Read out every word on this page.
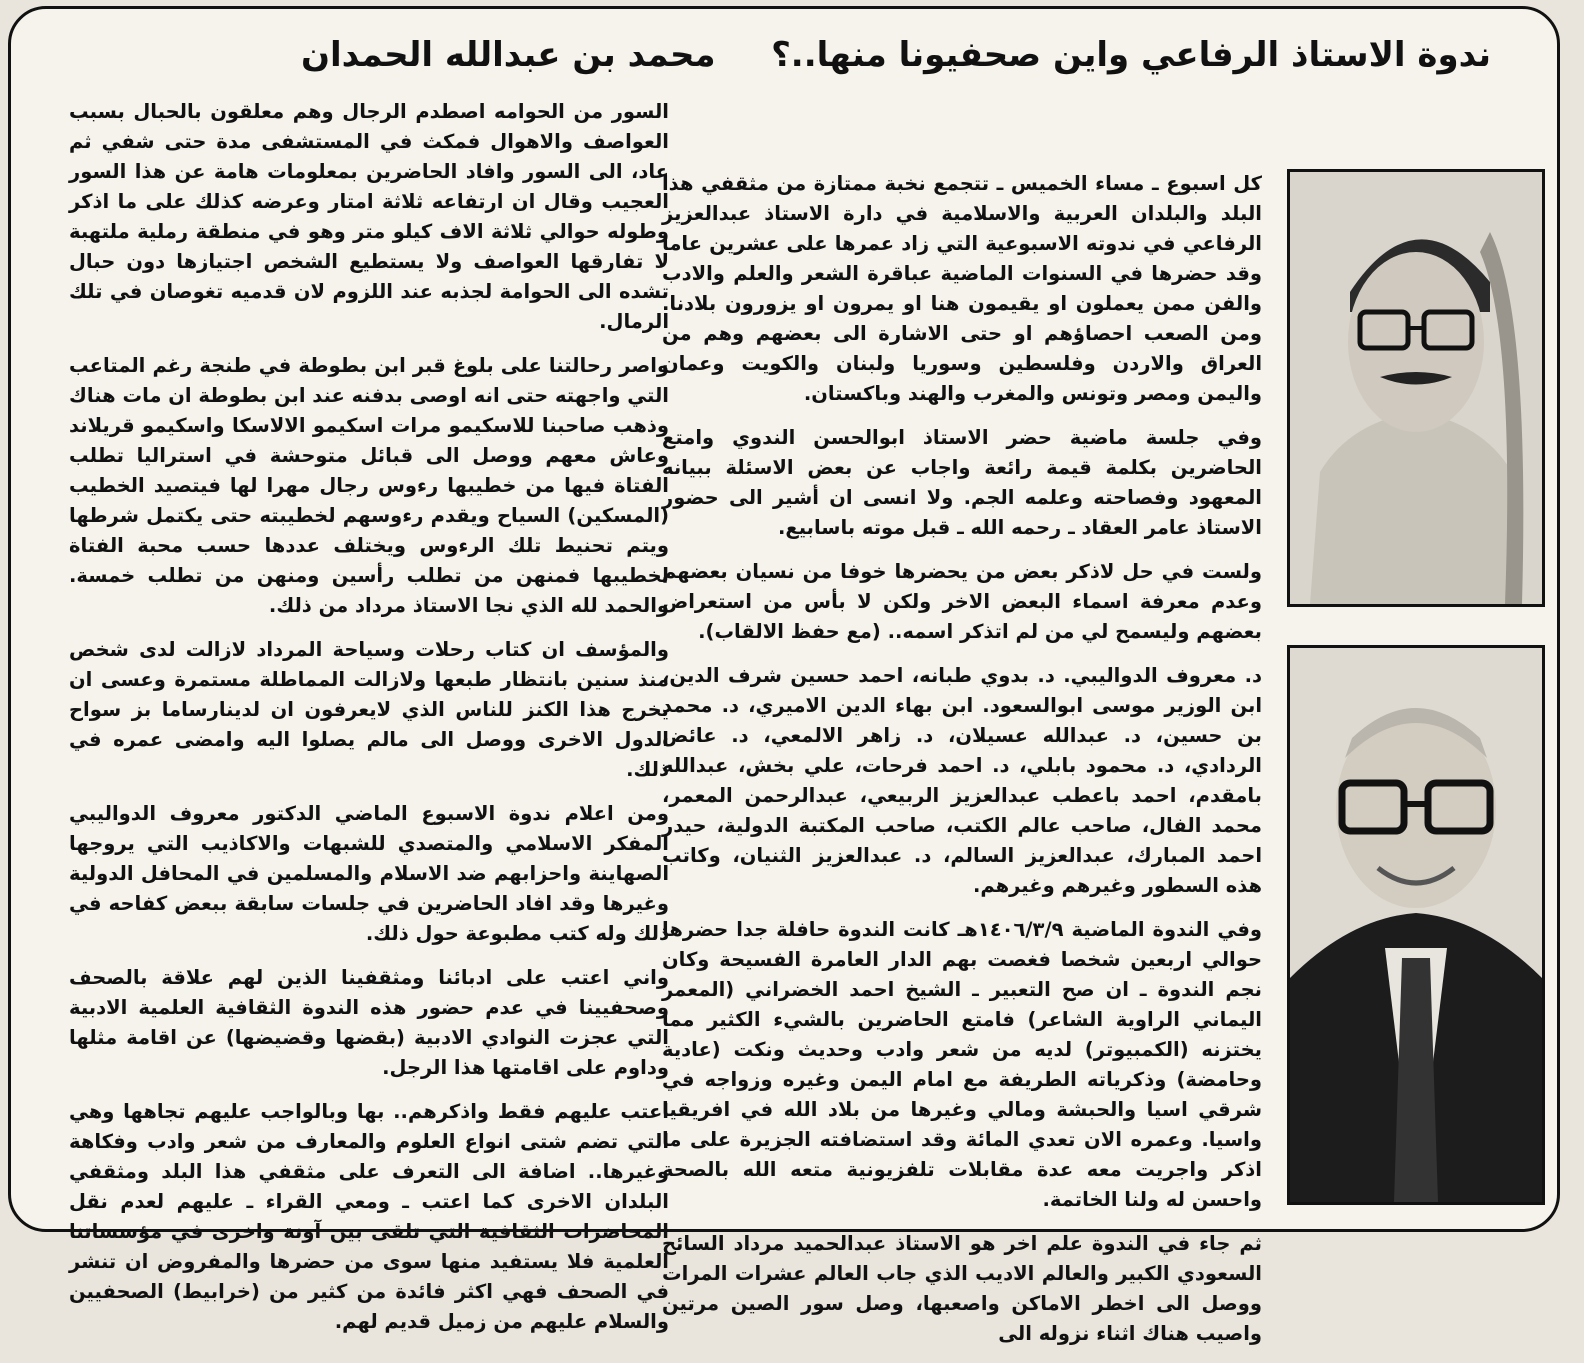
ندوة الاستاذ الرفاعي واين صحفيونا منها..؟
محمد بن عبدالله الحمدان

كل اسبوع ـ مساء الخميس ـ تتجمع نخبة ممتازة من مثقفي هذا البلد والبلدان العربية والاسلامية في دارة الاستاذ عبدالعزيز الرفاعي في ندوته الاسبوعية التي زاد عمرها على عشرين عاما وقد حضرها في السنوات الماضية عباقرة الشعر والعلم والادب والفن ممن يعملون او يقيمون هنا او يمرون او يزورون بلادنا. ومن الصعب احصاؤهم او حتى الاشارة الى بعضهم وهم من العراق والاردن وفلسطين وسوريا ولبنان والكويت وعمان واليمن ومصر وتونس والمغرب والهند وباكستان.

وفي جلسة ماضية حضر الاستاذ ابوالحسن الندوي وامتع الحاضرين بكلمة قيمة رائعة واجاب عن بعض الاسئلة ببيانه المعهود وفصاحته وعلمه الجم. ولا انسى ان أشير الى حضور الاستاذ عامر العقاد ـ رحمه الله ـ قبل موته باسابيع.

ولست في حل لاذكر بعض من يحضرها خوفا من نسيان بعضهم وعدم معرفة اسماء البعض الاخر ولكن لا بأس من استعراض بعضهم وليسمح لي من لم اتذكر اسمه.. (مع حفظ الالقاب).

د. معروف الدواليبي. د. بدوي طبانه، احمد حسين شرف الدين، ابن الوزير موسى ابوالسعود. ابن بهاء الدين الاميري، د. محمد بن حسين، د. عبدالله عسيلان، د. زاهر الالمعي، د. عائض الردادي، د. محمود بابلي، د. احمد فرحات، علي بخش، عبدالله بامقدم، احمد باعطب عبدالعزيز الربيعي، عبدالرحمن المعمر، محمد الفال، صاحب عالم الكتب، صاحب المكتبة الدولية، حيدر احمد المبارك، عبدالعزيز السالم، د. عبدالعزيز الثنيان، وكاتب هذه السطور وغيرهم وغيرهم.

وفي الندوة الماضية ١٤٠٦/٣/٩هـ كانت الندوة حافلة جدا حضرها حوالي اربعين شخصا فغصت بهم الدار العامرة الفسيحة وكان نجم الندوة ـ ان صح التعبير ـ الشيخ احمد الخضراني (المعمر اليماني الراوية الشاعر) فامتع الحاضرين بالشيء الكثير مما يختزنه (الكمبيوتر) لديه من شعر وادب وحديث ونكت (عادية وحامضة) وذكرياته الطريفة مع امام اليمن وغيره وزواجه في شرقي اسيا والحبشة ومالي وغيرها من بلاد الله في افريقيا واسيا. وعمره الان تعدي المائة وقد استضافته الجزيرة على ما اذكر واجريت معه عدة مقابلات تلفزيونية متعه الله بالصحة واحسن له ولنا الخاتمة.

ثم جاء في الندوة علم اخر هو الاستاذ عبدالحميد مرداد السائح السعودي الكبير والعالم الاديب الذي جاب العالم عشرات المرات ووصل الى اخطر الاماكن واصعبها، وصل سور الصين مرتين واصيب هناك اثناء نزوله الى

السور من الحوامه اصطدم الرجال وهم معلقون بالحبال بسبب العواصف والاهوال فمكث في المستشفى مدة حتى شفي ثم عاد، الى السور وافاد الحاضرين بمعلومات هامة عن هذا السور العجيب وقال ان ارتفاعه ثلاثة امتار وعرضه كذلك على ما اذكر وطوله حوالي ثلاثة الاف كيلو متر وهو في منطقة رملية ملتهبة لا تفارقها العواصف ولا يستطيع الشخص اجتيازها دون حبال تشده الى الحوامة لجذبه عند اللزوم لان قدميه تغوصان في تلك الرمال.

واصر رحالتنا على بلوغ قبر ابن بطوطة في طنجة رغم المتاعب التي واجهته حتى انه اوصى بدفنه عند ابن بطوطة ان مات هناك وذهب صاحبنا للاسكيمو مرات اسكيمو الالاسكا واسكيمو قريلاند وعاش معهم ووصل الى قبائل متوحشة في استراليا تطلب الفتاة فيها من خطيبها رءوس رجال مهرا لها فيتصيد الخطيب (المسكين) السياح ويقدم رءوسهم لخطيبته حتى يكتمل شرطها ويتم تحنيط تلك الرءوس ويختلف عددها حسب محبة الفتاة لخطيبها فمنهن من تطلب رأسين ومنهن من تطلب خمسة. والحمد لله الذي نجا الاستاذ مرداد من ذلك.

والمؤسف ان كتاب رحلات وسياحة المرداد لازالت لدى شخص منذ سنين بانتظار طبعها ولازالت المماطلة مستمرة وعسى ان يخرج هذا الكنز للناس الذي لايعرفون ان لدينارساما بز سواح الدول الاخرى ووصل الى مالم يصلوا اليه وامضى عمره في ذلك.

ومن اعلام ندوة الاسبوع الماضي الدكتور معروف الدواليبي المفكر الاسلامي والمتصدي للشبهات والاكاذيب التي يروجها الصهاينة واحزابهم ضد الاسلام والمسلمين في المحافل الدولية وغيرها وقد افاد الحاضرين في جلسات سابقة ببعض كفاحه في ذلك وله كتب مطبوعة حول ذلك.

واني اعتب على ادبائنا ومثقفينا الذين لهم علاقة بالصحف وصحفيينا في عدم حضور هذه الندوة الثقافية العلمية الادبية التي عجزت النوادي الادبية (بقضها وقضيضها) عن اقامة مثلها وداوم على اقامتها هذا الرجل.

اعتب عليهم فقط واذكرهم.. بها وبالواجب عليهم تجاهها وهي التي تضم شتى انواع العلوم والمعارف من شعر وادب وفكاهة وغيرها.. اضافة الى التعرف على مثقفي هذا البلد ومثقفي البلدان الاخرى كما اعتب ـ ومعي القراء ـ عليهم لعدم نقل المحاضرات الثقافية التي تلقى بين آونة واخرى في مؤسساتنا العلمية فلا يستفيد منها سوى من حضرها والمفروض ان تنشر في الصحف فهي اكثر فائدة من كثير من (خرابيط) الصحفيين والسلام عليهم من زميل قديم لهم.
